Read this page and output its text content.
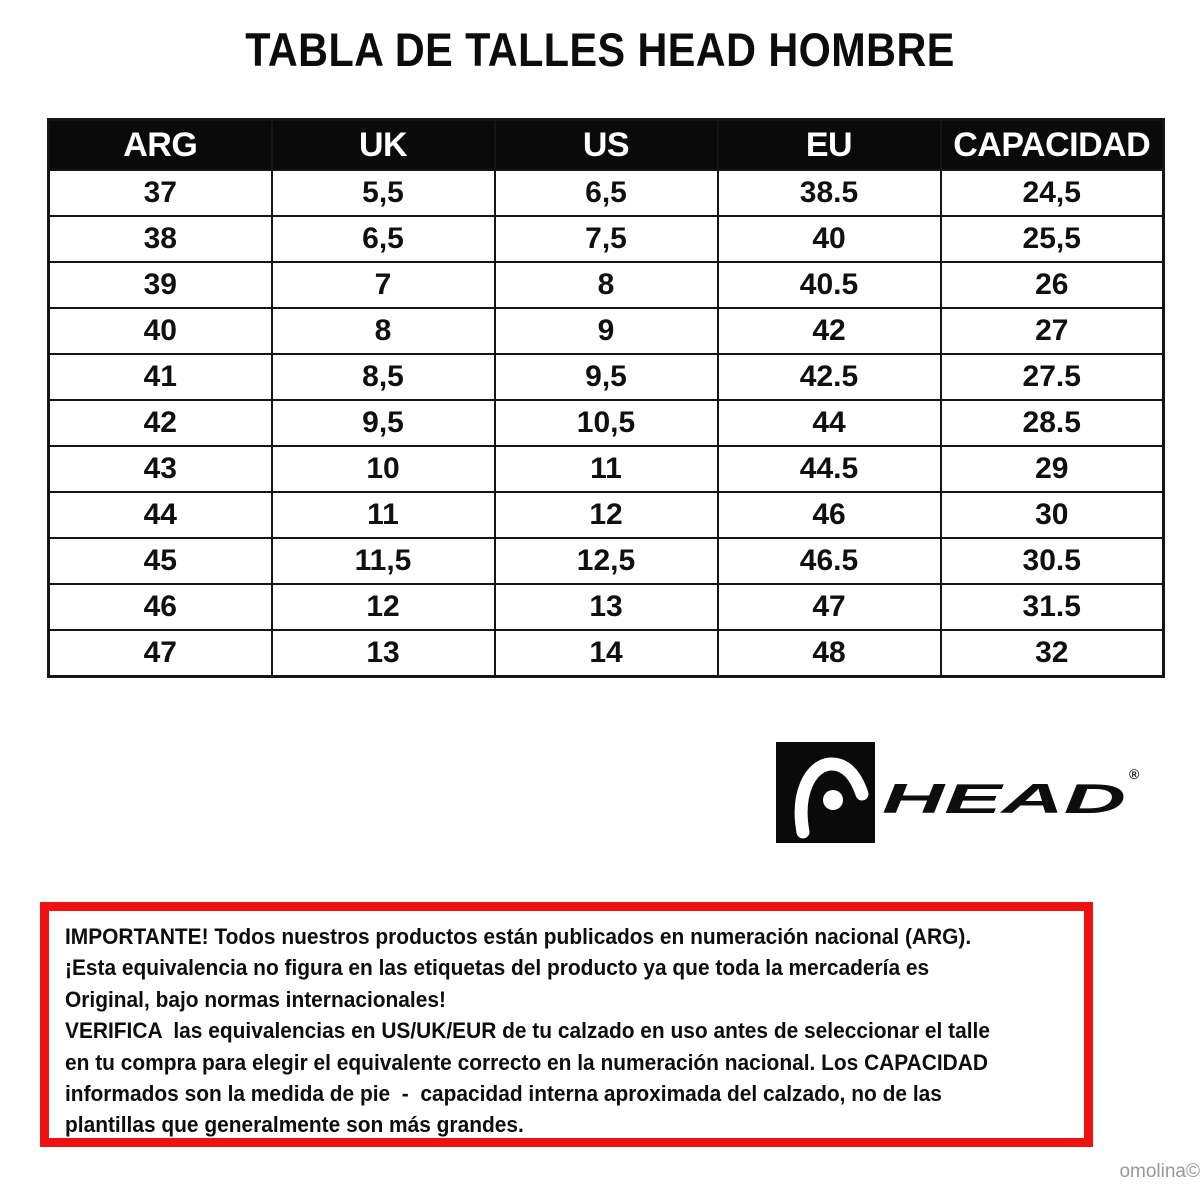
TABLA DE TALLES HEAD HOMBRE
ARG	UK	US	EU	CAPACIDAD
37	5,5	6,5	38.5	24,5
38	6,5	7,5	40	25,5
39	7	8	40.5	26
40	8	9	42	27
41	8,5	9,5	42.5	27.5
42	9,5	10,5	44	28.5
43	10	11	44.5	29
44	11	12	46	30
45	11,5	12,5	46.5	30.5
46	12	13	47	31.5
47	13	14	48	32
HEAD
®
IMPORTANTE! Todos nuestros productos están publicados en numeración nacional (ARG).
¡Esta equivalencia no figura en las etiquetas del producto ya que toda la mercadería es
Original, bajo normas internacionales!
VERIFICA  las equivalencias en US/UK/EUR de tu calzado en uso antes de seleccionar el talle
en tu compra para elegir el equivalente correcto en la numeración nacional. Los CAPACIDAD
informados son la medida de pie  -  capacidad interna aproximada del calzado, no de las
plantillas que generalmente son más grandes.
omolina©
